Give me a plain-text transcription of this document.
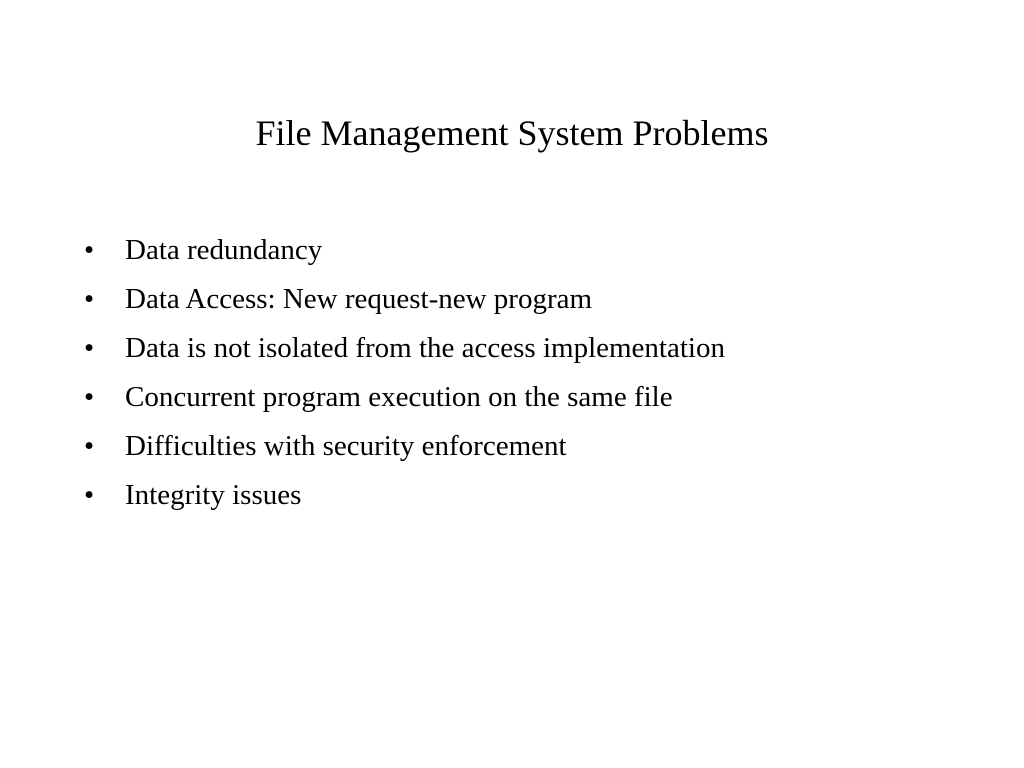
File Management System Problems
•	Data redundancy
•	Data Access: New request-new program
•	Data is not isolated from the access implementation
•	Concurrent program execution on the same file
•	Difficulties with security enforcement
•	Integrity issues
